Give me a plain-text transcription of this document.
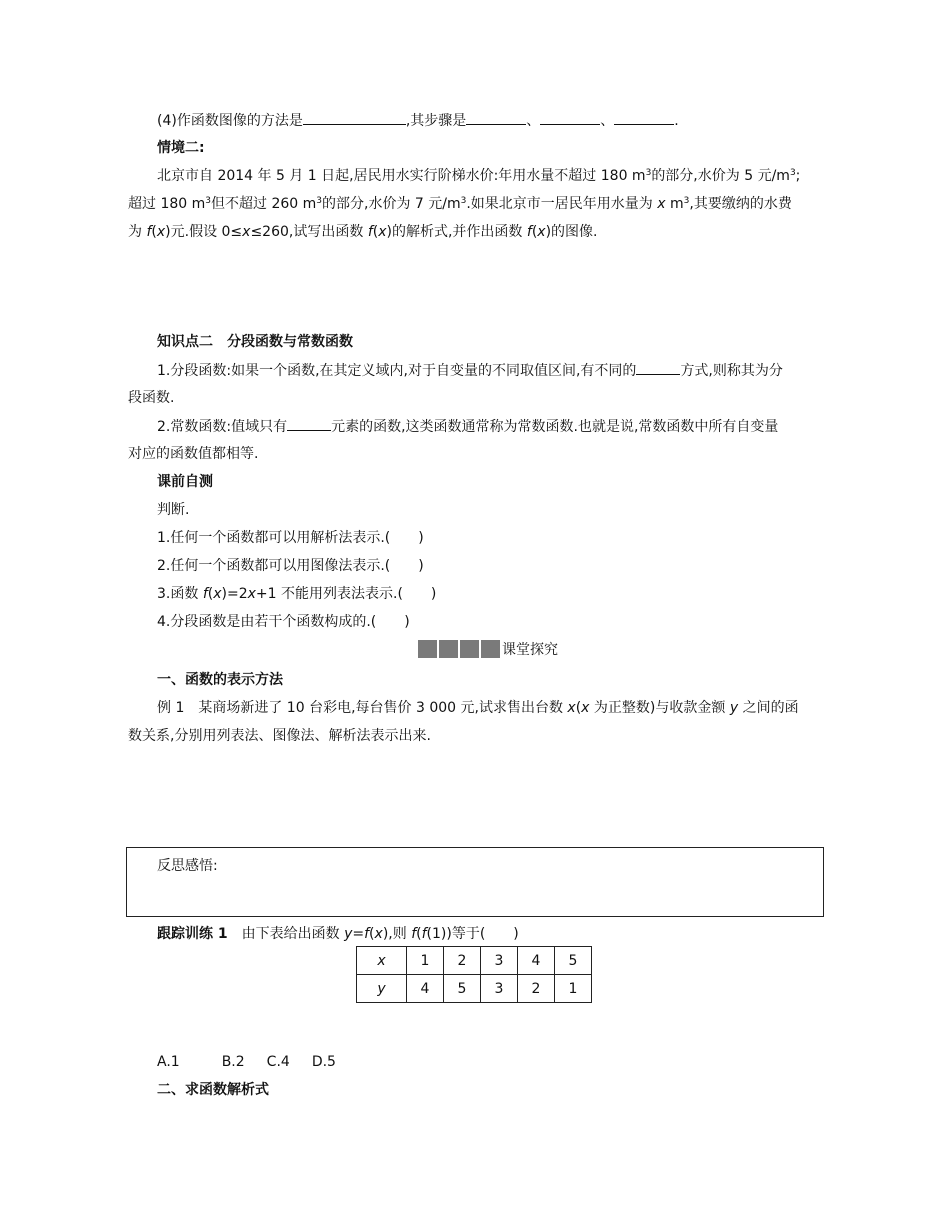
(4)作函数图像的方法是	,其步骤是	、	、	.
情境二:
北京市自 2014 年 5 月 1 日起,居民用水实行阶梯水价:年用水量不超过 180 $m^3$的部分,水价为 5 元$/m^3$;
超过 180 $m^3$但不超过 260 $m^3$的部分,水价为 7 元$/m^3$.如果北京市一居民年用水量为 x $m^3$,其要缴纳的水费
为 f(x)元.假设 0≤x≤260,试写出函数 f(x)的解析式,并作出函数 f(x)的图像.
知识点二　分段函数与常数函数
1.分段函数:如果一个函数,在其定义域内,对于自变量的不同取值区间,有不同的	方式,则称其为分
段函数.
2.常数函数:值域只有	元素的函数,这类函数通常称为常数函数.也就是说,常数函数中所有自变量
对应的函数值都相等.
课前自测
判断.
1.任何一个函数都可以用解析法表示.(　　)
2.任何一个函数都可以用图像法表示.(　　)
3.函数 f(x)=2x+1 不能用列表法表示.(　　)
4.分段函数是由若干个函数构成的.(　　)
课堂探究
一、函数的表示方法
例 1　某商场新进了 10 台彩电,每台售价 3 000 元,试求售出台数 x(x 为正整数)与收款金额 y 之间的函
数关系,分别用列表法、图像法、解析法表示出来.
反思感悟:
跟踪训练 1　由下表给出函数 y=f(x),则 f(f(1))等于(　　)
x	1	2	3	4	5
y	4	5	3	2	1
A.1	B.2 C.4 D.5
二、求函数解析式
